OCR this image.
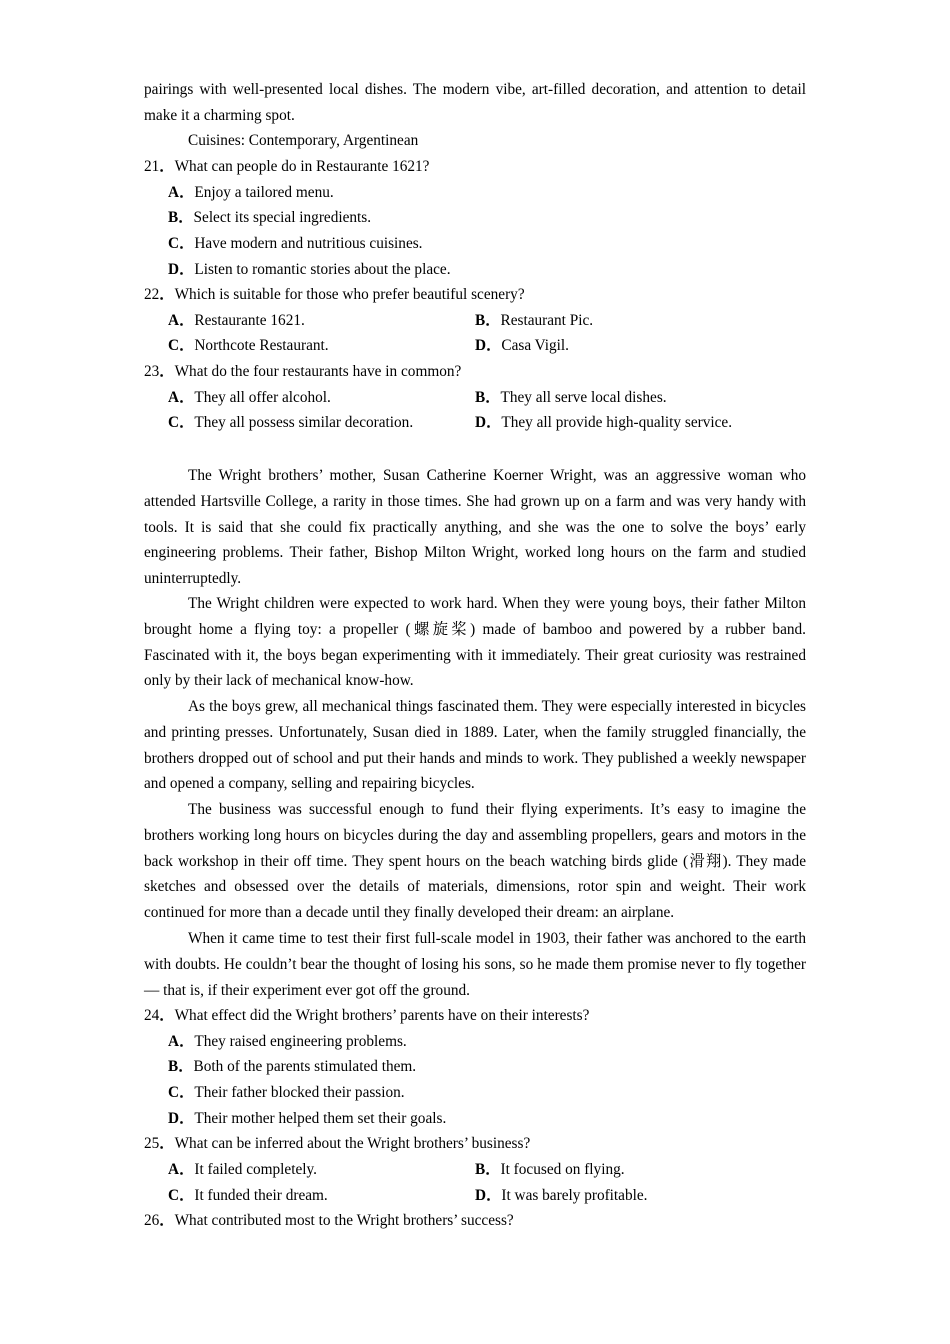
pairings with well-presented local dishes. The modern vibe, art-filled decoration, and attention to detail make it a charming spot.

Cuisines: Contemporary, Argentinean
21．What can people do in Restaurante 1621?
A．Enjoy a tailored menu.
B．Select its special ingredients.
C．Have modern and nutritious cuisines.
D．Listen to romantic stories about the place.
22．Which is suitable for those who prefer beautiful scenery?
A．Restaurante 1621.	B．Restaurant Pic.
C．Northcote Restaurant.	D．Casa Vigil.
23．What do the four restaurants have in common?
A．They all offer alcohol.	B．They all serve local dishes.
C．They all possess similar decoration.	D．They all provide high-quality service.

The Wright brothers’ mother, Susan Catherine Koerner Wright, was an aggressive woman who attended Hartsville College, a rarity in those times. She had grown up on a farm and was very handy with tools. It is said that she could fix practically anything, and she was the one to solve the boys’ early engineering problems. Their father, Bishop Milton Wright, worked long hours on the farm and studied uninterruptedly.

The Wright children were expected to work hard. When they were young boys, their father Milton brought home a flying toy: a propeller (螺旋桨) made of bamboo and powered by a rubber band. Fascinated with it, the boys began experimenting with it immediately. Their great curiosity was restrained only by their lack of mechanical know-how.

As the boys grew, all mechanical things fascinated them. They were especially interested in bicycles and printing presses. Unfortunately, Susan died in 1889. Later, when the family struggled financially, the brothers dropped out of school and put their hands and minds to work. They published a weekly newspaper and opened a company, selling and repairing bicycles.

The business was successful enough to fund their flying experiments. It’s easy to imagine the brothers working long hours on bicycles during the day and assembling propellers, gears and motors in the back workshop in their off time. They spent hours on the beach watching birds glide (滑翔). They made sketches and obsessed over the details of materials, dimensions, rotor spin and weight. Their work continued for more than a decade until they finally developed their dream: an airplane.

When it came time to test their first full-scale model in 1903, their father was anchored to the earth with doubts. He couldn’t bear the thought of losing his sons, so he made them promise never to fly together — that is, if their experiment ever got off the ground.

24．What effect did the Wright brothers’ parents have on their interests?
A．They raised engineering problems.
B．Both of the parents stimulated them.
C．Their father blocked their passion.
D．Their mother helped them set their goals.
25．What can be inferred about the Wright brothers’ business?
A．It failed completely.	B．It focused on flying.
C．It funded their dream.	D．It was barely profitable.
26．What contributed most to the Wright brothers’ success?
